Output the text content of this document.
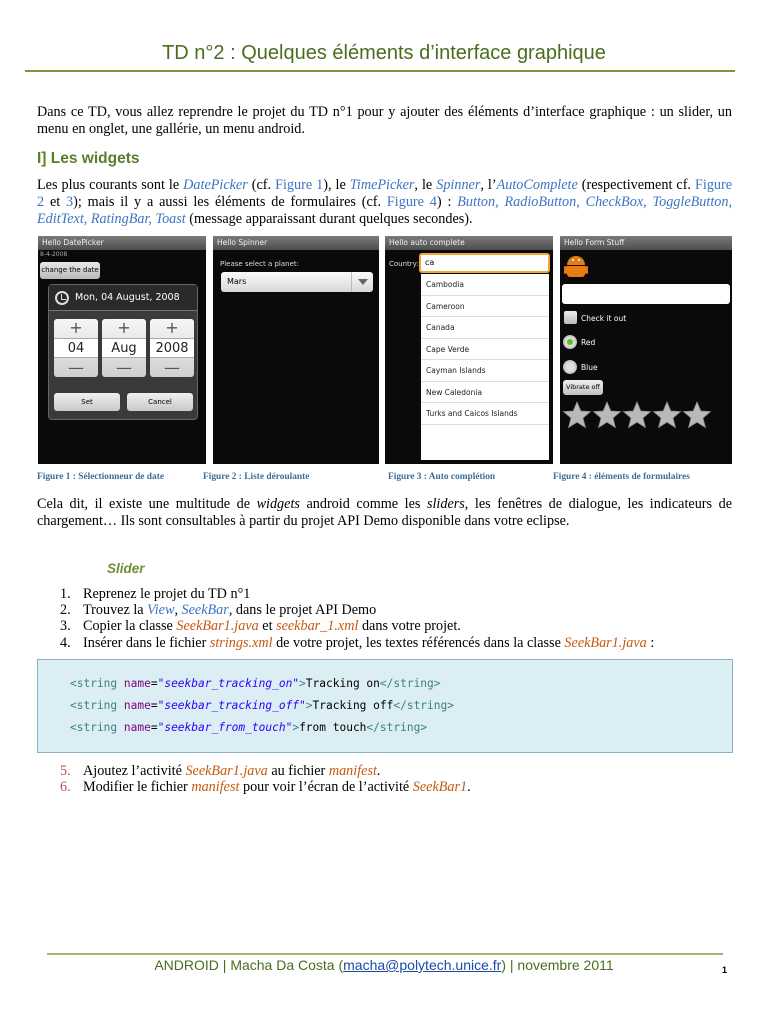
TD n°2 : Quelques éléments d’interface graphique

Dans ce TD, vous allez reprendre le projet du TD n°1 pour y ajouter des éléments d’interface graphique : un slider, un menu en onglet, une gallérie, un menu android.

I] Les widgets

Les plus courants sont le DatePicker (cf. Figure 1), le TimePicker, le Spinner, l’AutoComplete (respectivement cf. Figure 2 et 3); mais il y a aussi les éléments de formulaires (cf. Figure 4) : Button, RadioButton, CheckBox, ToggleButton, EditText, RatingBar, Toast (message apparaissant durant quelques secondes).

Hello DatePicker
8-4-2008
change the date
Mon, 04 August, 2008
+
04
—
+
Aug
—
+
2008
—
Set	Cancel
Hello Spinner
Please select a planet:
Mars
Hello auto complete
Country: ca
Cambodia
Cameroon
Canada
Cape Verde
Cayman Islands
New Caledonia
Turks and Caicos Islands
Hello Form Stuff
Check it out
Red
Blue
Vibrate off
Figure 1 : Sélectionneur de date	Figure 2 : Liste déroulante	Figure 3 : Auto complétion	Figure 4 : éléments de formulaires

Cela dit, il existe une multitude de widgets android comme les sliders, les fenêtres de dialogue, les indicateurs de chargement… Ils sont consultables à partir du projet API Demo disponible dans votre eclipse.

Slider
1. Reprenez le projet du TD n°1
2. Trouvez la View, SeekBar, dans le projet API Demo
3. Copier la classe SeekBar1.java et seekbar_1.xml dans votre projet.
4. Insérer dans le fichier strings.xml de votre projet, les textes référencés dans la classe SeekBar1.java :
<string name="seekbar_tracking_on">Tracking on</string>
<string name="seekbar_tracking_off">Tracking off</string>
<string name="seekbar_from_touch">from touch</string>
5. Ajoutez l’activité SeekBar1.java au fichier manifest.
6. Modifier le fichier manifest pour voir l’écran de l’activité SeekBar1.
ANDROID | Macha Da Costa (macha@polytech.unice.fr) | novembre 2011	1
